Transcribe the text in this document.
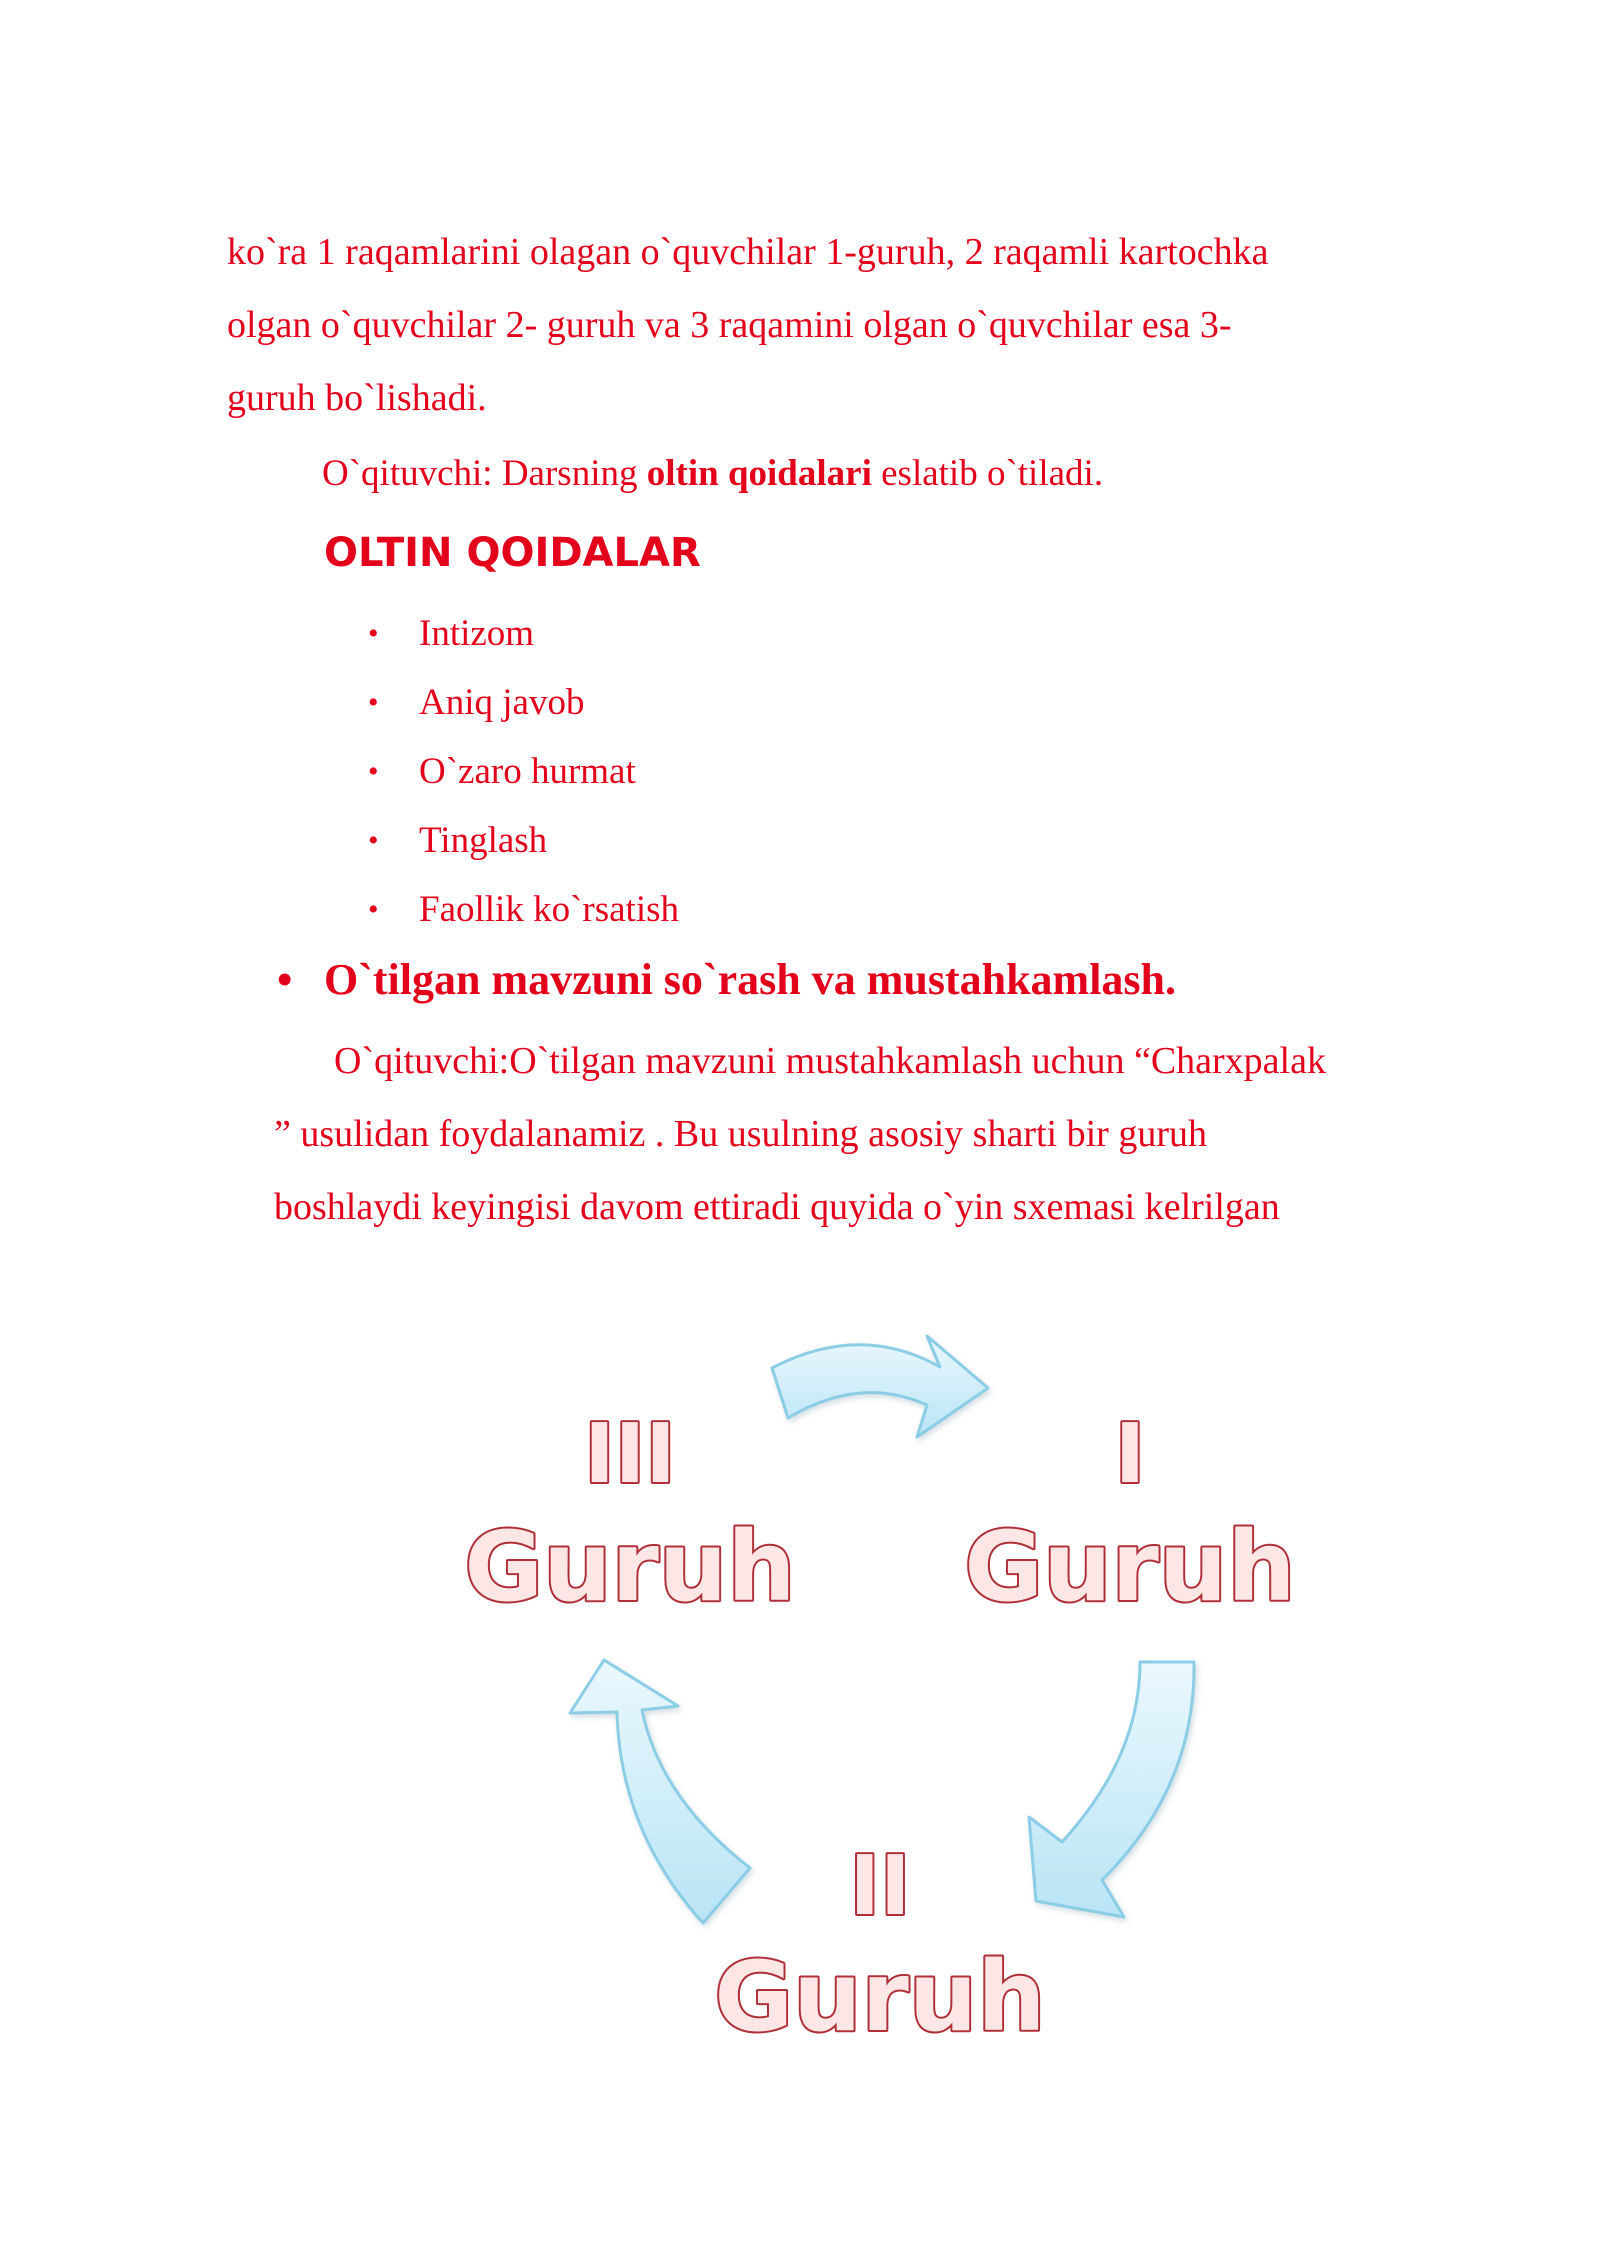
ko`ra 1 raqamlarini olagan o`quvchilar 1-guruh, 2 raqamli kartochka
olgan o`quvchilar 2- guruh va 3 raqamini olgan o`quvchilar esa 3-
guruh bo`lishadi.
O`qituvchi: Darsning oltin qoidalari eslatib o`tiladi.
OLTIN QOIDALAR
• Intizom
• Aniq javob
• O`zaro hurmat
• Tinglash
• Faollik ko`rsatish
• O`tilgan mavzuni so`rash va mustahkamlash.
O`qituvchi:O`tilgan mavzuni mustahkamlash uchun “Charxpalak
” usulidan foydalanamiz . Bu usulning asosiy sharti bir guruh
boshlaydi keyingisi davom ettiradi quyida o`yin sxemasi kelrilgan
III
Guruh
I
Guruh
II
Guruh
